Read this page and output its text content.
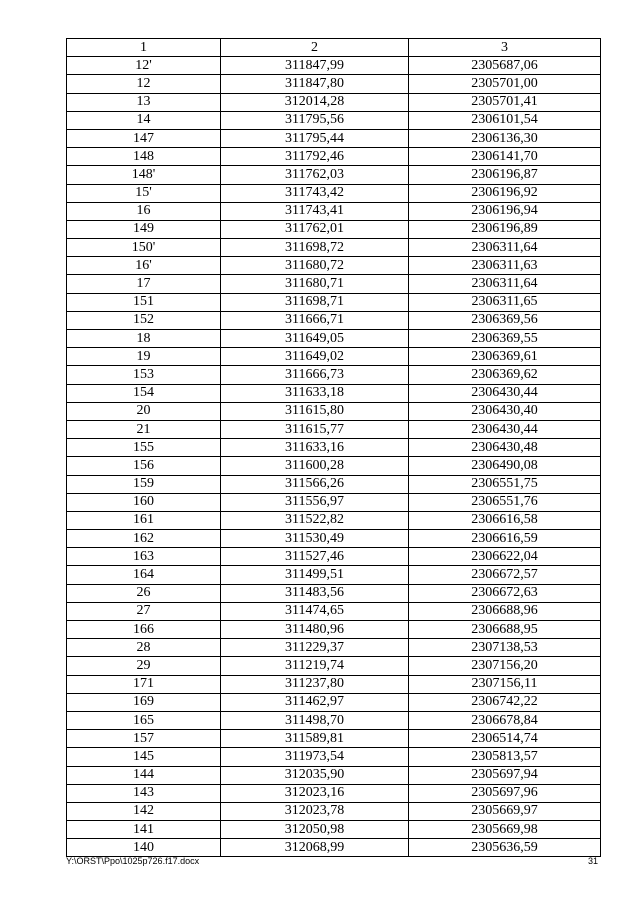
1	2	3
12'	311847,99	2305687,06
12	311847,80	2305701,00
13	312014,28	2305701,41
14	311795,56	2306101,54
147	311795,44	2306136,30
148	311792,46	2306141,70
148'	311762,03	2306196,87
15'	311743,42	2306196,92
16	311743,41	2306196,94
149	311762,01	2306196,89
150'	311698,72	2306311,64
16'	311680,72	2306311,63
17	311680,71	2306311,64
151	311698,71	2306311,65
152	311666,71	2306369,56
18	311649,05	2306369,55
19	311649,02	2306369,61
153	311666,73	2306369,62
154	311633,18	2306430,44
20	311615,80	2306430,40
21	311615,77	2306430,44
155	311633,16	2306430,48
156	311600,28	2306490,08
159	311566,26	2306551,75
160	311556,97	2306551,76
161	311522,82	2306616,58
162	311530,49	2306616,59
163	311527,46	2306622,04
164	311499,51	2306672,57
26	311483,56	2306672,63
27	311474,65	2306688,96
166	311480,96	2306688,95
28	311229,37	2307138,53
29	311219,74	2307156,20
171	311237,80	2307156,11
169	311462,97	2306742,22
165	311498,70	2306678,84
157	311589,81	2306514,74
145	311973,54	2305813,57
144	312035,90	2305697,94
143	312023,16	2305697,96
142	312023,78	2305669,97
141	312050,98	2305669,98
140	312068,99	2305636,59
Y:\ORST\Ppo\1025p726.f17.docx	31
